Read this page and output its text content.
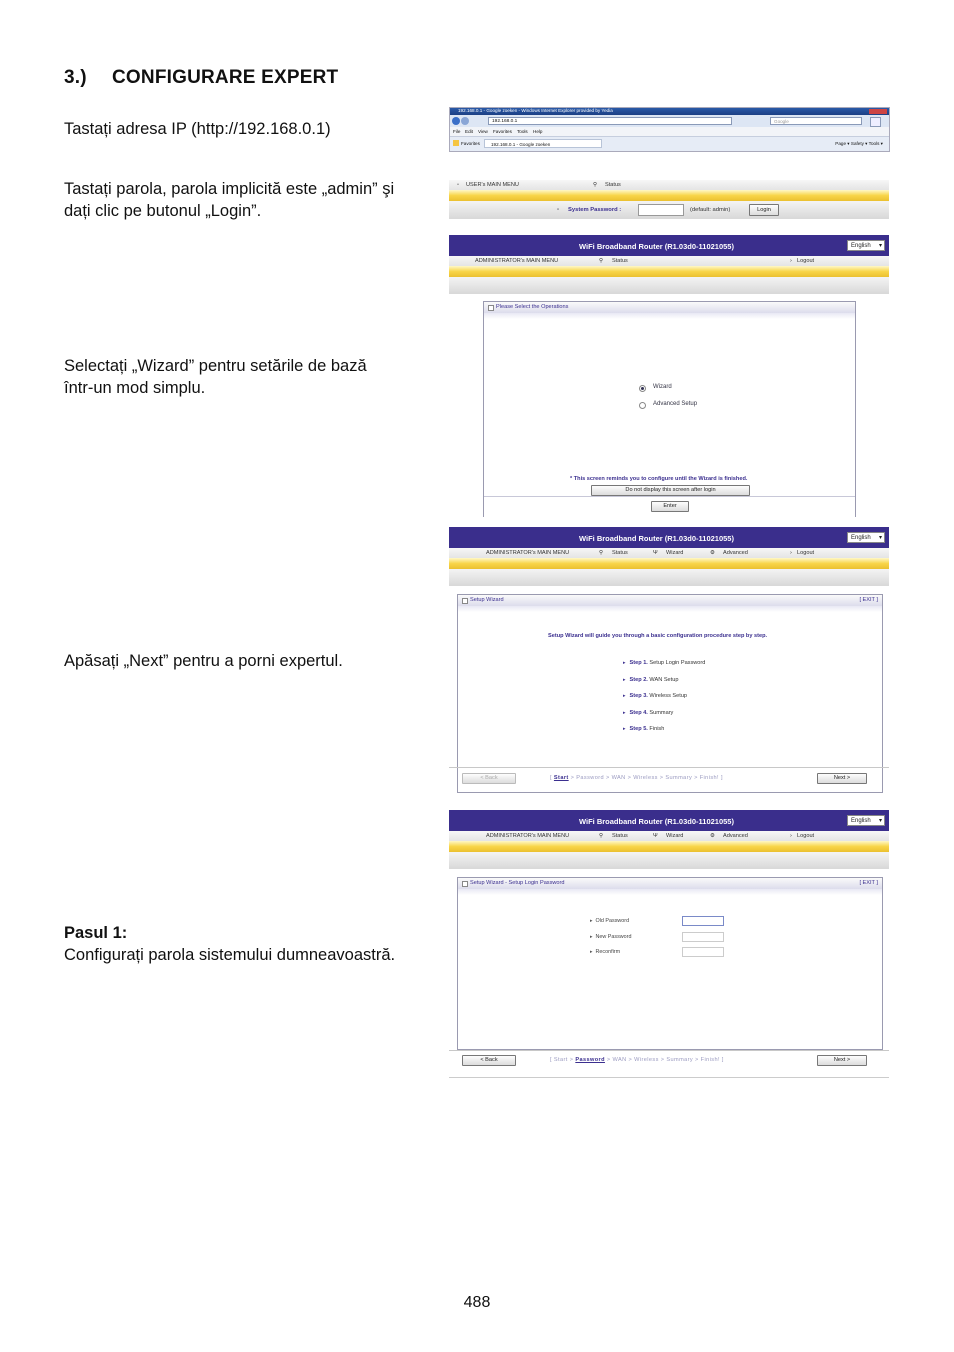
3.) CONFIGURARE EXPERT
Tastați adresa IP (http://192.168.0.1)
Tastați parola, parola implicită este „admin” şi
dați clic pe butonul „Login”.
Selectați „Wizard” pentru setările de bază
într-un mod simplu.
Apăsați „Next” pentru a porni expertul.
Pasul 1:
Configurați parola sistemului dumneavoastră.
488
192.168.0.1 - Google zoeken - Windows Internet Explorer provided by Yedia
192.168.0.1	Google
File Edit View Favorites Tools Help
Favorites	192.168.0.1 - Google zoeken	Page ▾ Safety ▾ Tools ▾
▫ USER's MAIN MENU	⚲ Status
▫ System Password :	(default: admin)	Login
WiFi Broadband Router (R1.03d0-11021055)	English ▾
ADMINISTRATOR's MAIN MENU	⚲ Status	› Logout
Please Select the Operations
Wizard
Advanced Setup
* This screen reminds you to configure until the Wizard is finished.
Do not display this screen after login
Enter
WiFi Broadband Router (R1.03d0-11021055)	English ▾
ADMINISTRATOR's MAIN MENU	⚲ Status	Ψ Wizard	⚙ Advanced	› Logout
Setup Wizard	[ EXIT ]
Setup Wizard will guide you through a basic configuration procedure step by step.
▸ Step 1. Setup Login Password
▸ Step 2. WAN Setup
▸ Step 3. Wireless Setup
▸ Step 4. Summary
▸ Step 5. Finish
< Back	[ Start > Password > WAN > Wireless > Summary > Finish! ]	Next >
WiFi Broadband Router (R1.03d0-11021055)	English ▾
ADMINISTRATOR's MAIN MENU	⚲ Status	Ψ Wizard	⚙ Advanced	› Logout
Setup Wizard - Setup Login Password	[ EXIT ]
▸ Old Password
▸ New Password
▸ Reconfirm
< Back	[ Start > Password > WAN > Wireless > Summary > Finish! ]	Next >
